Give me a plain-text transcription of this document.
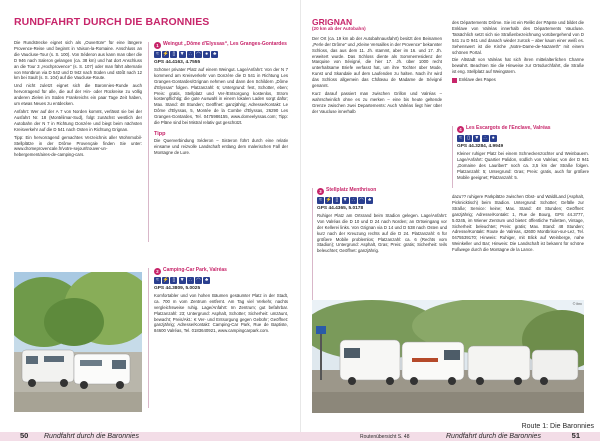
RUNDFAHRT DURCH DIE BARONNIES

Die Rundstrecke eignet sich als „Ouvertüre“ für eine längere Provence-Reise und beginnt in Vaison-la-Romaine. Anschluss an die Vaucluse-Tour (s. S. 100). Von Séderon aus kann man über die D 946 nach Saleron gelangen (ca. 38 km) und hat dort Anschluss an die Tour 3 „Hochprovence“ (s. S. 107) oder man fährt alternativ von Montbrun via D 542 und D 942 nach Süden und stößt nach 12 km bei Sault (s. S. 104) auf die Vaucluse-Route.

Und nicht zuletzt eignet sich die Baronnies-Runde auch hervorragend für alle, die auf der Hin- oder Rückreise zu völlig anderen Zielen im Süden Frankreichs ein paar Tage Zeit haben, um etwas Neues zu entdecken.

Anfahrt: Wer auf der A 7 von Norden kommt, verlässt sie bei der Ausfahrt Nr. 18 (Montélimar-Sud), folgt zunächst westlich der Autobahn der N 7 in Richtung Donzère und biegt beim nächsten Kreisverkehr auf die D 541 nach Osten in Richtung Grignan.

Tipp: Ein hervorragend gemachtes Verzeichnis aller Wohnmobil-Stellplätze in der Drôme Provençale finden Sie unter: www.dromeprovencale.fr/votre-sejour/trouver-un-hebergement/aires-de-camping-cars.

1 Weingut „Dôme d'Elyssas“, Les Granges-Gontardes
≈ ⚡ ▯ ▼ ∴ ◠ ●	♣
GPS 44.4163, 4.7555

Schöner privater Platz auf einem Weingut. Lage/Anfahrt: Von der N 7 kommend am Kreisverkehr von Donzère die D 541 in Richtung Les Granges-Gontardes/Grignan nehmen und dann den Schildern „Dôme d'Elyssas“ folgen. Platzanzahl: 6; Untergrund: fest, Schotter, eben; Preis: gratis, Stellplatz und Ver-/Entsorgung kostenlos, Strom kostenpflichtig; die gute Auswahl in einem lokalen Laden sorgt dafür; Max. Stand: 48 Stunden; Geöffnet: ganzjährig; Adresse/Kontakt: Le Dôme d'Elyssas, 5, Montée de la Combe d'Elyssas, 26290 Les Granges-Gontardes, Tel. 0475986155, www.domeelyssas.com; Tipp: die Pläne sind bei Mistral relativ gut geschützt.

Tipp

Die Querverbindung Séderon – Sisteron führt durch eine relativ einsame und reizvolle Landschaft entlang dem malerischen Fall der Montagne de Lure.

2 Camping-Car Park, Valréas
≈ ⚡ ▯ ▼ ∴ ◠ ♣
GPS 44.3809, 5.0025

Komfortabler und von hohen Bäumen gesäumter Platz in der Stadt, ca. 700 m vom Zentrum entfernt. Am Tag viel Verkehr, nachts vergleichsweise ruhig. Lage/Anfahrt: Im Zentrum; gut befahrbar. Platzanzahl: 23; Untergrund: Asphalt, Schotter; Sicherheit: umzäunt, bewacht; Preis/Akt.: € Ver- und Entsorgung gegen Gebühr; Geöffnet: ganzjährig; Adresse/Kontakt: Camping-Car Park, Rue de Baptiste, 84600 Valréas, Tel. 0183640921, www.campingcarpark.com.

50 Rundfahrt durch die Baronnies
GRIGNAN
(20 km ab der Autobahn)

Der Ort (ca. 19 km ab der Autobahnausfahrt) besitzt den Beinamen „Perle der Drôme“ und „Kleine Versailles in der Provence“ bekannter Schloss, das aus dem 11. Jh. stammt, aber im 16. und 17. Jh. erweitert wurde. Das Schloss diente als Sommerresidenz der Marquise von Sévigné, die hier 17. Jh. über 1000 recht unterhaltsame Briefe verfasst hat, um ihre Tochter über Mode, Kunst und Skandale auf dem Laufenden zu halten. Nach ihr wird das Schloss allgemein das Château de Madame de Sévigné genannt.

Kurz darauf passiert man zwischen Grillon und Valréas – wahrscheinlich ohne es zu merken – eine bis heute geltende Grenze zwischen zwei Departements: Auch Valréas liegt hier über der Vaucluse innerhalb

3 Stellplatz Menthrison
≈ ⚡ ▯ ▼ ∴ ◠ ♣
GPS 44.4365, 5.0178

Ruhiger Platz am Ortsrand beim Stadion gelegen. Lage/Anfahrt: Von Valréas die D 10 und D 24 nach Norden; an Ortseingang vor der Kellerei links. Von Grignan via D 14 und D 538 nach Osten und kurz nach der Kreuzung rechts auf die D 24. Platzanzahl: 6 für größere Mobile problemlos; Platzanzahl: ca. 6 (Rechts vom Stadion); Untergrund: Asphalt, Gras; Preis: gratis; Sicherheit: teils beleuchtet; Geöffnet: ganzjährig.

des Départements Drôme. Sie ist ein Relikt der Päpste und bildet die Enklave von Valréas innerhalb des Départements Vaucluse. Tatsächlich setzt sich sie Straßenbezeichnung vorübergehend von D 541 zu D 941 und danach wieder zurück – aber kaum einer weiß es. Sehenswert ist die Kirche „Notre-Dame-de-Nazareth“ mit einem schönen Portal.

Die Altstadt von Valréas hat sich ihren mittelalterlichen Charme bewahrt. Beachten Sie die Hinweise zur Ortsdurchfahrt, die Straße ist eng. Stellplatz auf Weingütern.

Enklave des Papes
4 Les Escargots de l'Enclave, Valréas
≈	▯ ▼ ∴	●
GPS 44.3284, 4.9949

Kleiner ruhiger Platz bei einem Schneckenzüchter und Weinbauern. Lage/Anfahrt: Quartier Palidon, südlich von Valréas; von der D 941 „Domaine des Lauribert“ noch ca. 3,5 km der Straße folgen. Platzanzahl: 5; Untergrund: Gras; Preis: gratis, auch für größere Mobile geeignet; Platzanzahl: 5.

dazu?? ruhigere Parkplätze zwischen Obst- und Wald/Land (Asphalt, Picknicktisch) beim Stadion. Untergrund: Schotter; Gefälle zur Straße; Service: keine; Max. Stand: 48 Stunden; Geöffnet: ganzjährig; Adresse/Kontakt: 1, Rue de Bourg, GPS 44.3777, 5.0245, im Wiener Zentrum und bietet: öffentliche Toiletten, Vintage, Sicherheit: beleuchtet; Preis: gratis; Max. Stand: 48 Stunden; Adresse/Kontakt: Route de Valréas, 42600 Montbrison-sur-Lez, Tel. 0475539170; Hinweis: Ruhiger, mit Blick auf Weinberge, nahe Weinkeller und Bar; Hinweis: Die Landschaft ist bekannt für schöne Fußwege durch die Montagne de la Lance.

© ibrc
Routenübersicht S. 48	Rundfahrt durch die Baronnies	51
Route 1: Die Baronnies
